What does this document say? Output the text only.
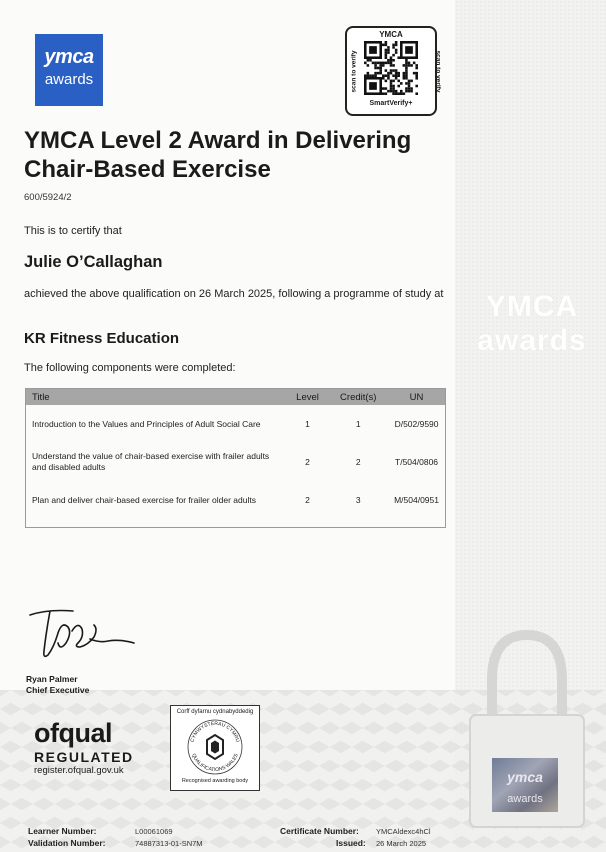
YMCA
awards
ymca
awards
ymca
awards
YMCA
scan to verify	scan to verify
SmartVerify+
YMCA Level 2 Award in Delivering Chair-Based Exercise
600/5924/2
This is to certify that
Julie O’Callaghan
achieved the above qualification on 26 March 2025, following a programme of study at
KR Fitness Education
The following components were completed:
Title	Level	Credit(s)	UN
Introduction to the Values and Principles of Adult Social Care	1	1	D/502/9590
Understand the value of chair-based exercise with frailer adults and disabled adults	2	2	T/504/0806
Plan and deliver chair-based exercise for frailer older adults	2	3	M/504/0951

Ryan Palmer
Chief Executive
ofqual
REGULATED
register.ofqual.gov.uk
Corff dyfarnu cydnabyddedig
CYMWYSTERAU CYMRU
QUALIFICATIONS WALES
Recognised awarding body
Learner Number:	L00061069
Validation Number:	74887313-01-SN7M
Certificate Number: YMCAldexc4hCl
Issued: 26 March 2025
